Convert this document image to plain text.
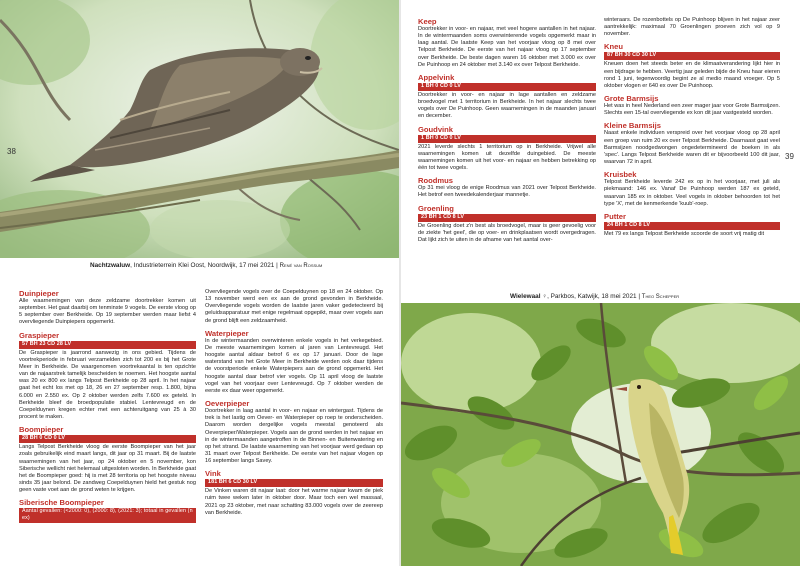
Nachtzwaluw, Industrieterrein Klei Oost, Noordwijk, 17 mei 2021 | René van Rossum
38
39
Keep
Doortrekker in voor- en najaar, met veel hogere aantallen in het najaar. In de wintermaanden soms overwinterende vogels opgemerkt maar in laag aantal. De laatste Keep van het voorjaar vloog op 8 mei over Telpost Berkheide. De eerste van het najaar vloog op 17 september over Berkheide. De beste dagen waren 16 oktober met 3.000 ex over De Puinhoop en 24 oktober met 3.140 ex over Telpost Berkheide.
Appelvink
1 BH 0 CD 0 LV
Doortrekker in voor- en najaar in lage aantallen en zeldzame broedvogel met 1 territorium in Berkheide. In het najaar slechts twee vogels over De Puinhoop. Geen waarnemingen in de maanden januari en december.
Goudvink
1 BH 0 CD 0 LV
2021 leverde slechts 1 territorium op in Berkheide. Vrijwel alle waarnemingen komen uit dezelfde duingebied. De meeste waarnemingen komen uit het voor- en najaar en hebben betrekking op één tot twee vogels.
Roodmus
Op 31 mei vloog de enige Roodmus van 2021 over Telpost Berkheide. Het betrof een tweedekalenderjaar mannetje.
Groenling
23 BH 1 CD 8 LV
De Groenling doet z'n best als broedvogel, maar is geer gevoelig voor de ziekte 'het geel', die op voer- en drinkplaatsen wordt overgedragen. Dat lijkt zich te uiten in de afname van het aantal over-
winteraars. De rozenbottels op De Puinhoop blijven in het najaar zeer aantrekkelijk: maximaal 70 Groenlingen proeven zich vol op 9 november.
Kneu
87 BH 30 CD 30 LV
Kneuen doen het steeds beter en de klimaatverandering lijkt hier in een bijdrage te hebben. Veertig jaar geleden bijde de Kneu haar eieren rond 1 juni, tegenwoordig begint ze al medio maand vroeger. Op 5 oktober vlogen er 640 ex over De Puinhoop.
Grote Barmsijs
Het was in heel Nederland een zeer mager jaar voor Grote Barmsijzen. Slechts een 15-tal overvliegende ex kon dit jaar vastgesteld worden.
Kleine Barmsijs
Naast enkele individuen verspreid over het voorjaar vloog op 28 april een groep van ruim 20 ex over Telpost Berkheide. Daarnaast gaat veel Barmsijzen noodgedwongen ongedetermineerd de boeken in als 'spec'. Langs Telpost Berkheide waren dit er bijvoorbeeld 100 dit jaar, waarvan 72 in april.
Kruisbek
Telpost Berkheide leverde 242 ex op in het voorjaar, met juli als piekmaand: 146 ex. Vanaf De Puinhoop werden 187 ex geteld, waarvan 185 ex in oktober. Veel vogels in oktober behoorden tot het type 'X', met de kenmerkende 'kuub'-roep.
Putter
24 BH 1 CD 8 LV
Met 79 ex langs Telpost Berkheide scoorde de soort vrij matig dit
Duinpieper
Alle waarnemingen van deze zeldzame doortrekker komen uit september. Het gaat daarbij om tenminste 9 vogels. De eerste vloog op 5 september over Berkheide. Op 19 september werden maar liefst 4 overvliegende Duinpiepers opgemerkt.
Graspieper
57 BH 23 CD 28 LV
De Graspieper is jaarrond aanwezig in ons gebied. Tijdens de voortrekperiode in februari verzamelden zich tot 200 ex bij het Grote Meer in Berkheide. De waargenomen voortrekaantal is ten opzichte van de najaarstrek tamelijk bescheiden te noemen. Het hoogste aantal was 20 ex 800 ex langs Telpost Berkheide op 28 april. In het najaar gaat het echt los met op 18, 26 en 27 september resp. 1.800, bijna 6.000 en 2.550 ex. Op 2 oktober werden zelfs 7.600 ex geteld. In Berkheide bleef de broedpopulatie stabiel. Lentevreugd en de Coepelduynen kregen echter met een achteruitgang van 25 à 30 procent te maken.
Boompieper
28 BH 0 CD 0 LV
Langs Telpost Berkheide vloog de eerste Boompieper van het jaar zoals gebruikelijk eind maart langs, dit jaar op 31 maart. Bij de laatste waarnemingen van het jaar, op 24 oktober en 5 november, kon Siberische wellicht niet helemaal uitgesloten worden. In Berkheide gaat het de Boompieper goed: hij is met 28 territoria op het hoogste niveau sinds 35 jaar belond. De zandweg Coepelduynen hield het gestuk nog geen vaste voet aan de grond weten te krijgen.
Siberische Boompieper
Aantal gevallen: (<2000: 0), (2000: 8), (2021: 3); totaal in gevallen (n ex)
Overvliegende vogels over de Coepelduynen op 18 en 24 oktober. Op 13 november werd een ex aan de grond gevonden in Berkheide. Overvliegende vogels worden de laatste jaren vaker gedetecteerd bij geluidsapparatuur met enige regelmaat opgepikt, maar over vogels aan de grond blijft een zeldzaamheid.
Waterpieper
In de wintermaanden overwinteren enkele vogels in het verkegebied. De meeste waarnemingen komen al jaren van Lentevreugd. Het hoogste aantal aldaar betrof 6 ex op 17 januari. Door de lage waterstand van het Grote Meer in Berkheide werden ook daar tijdens de voorstperiode enkele Waterpiepers aan de grond opgemerkt. Het hoogste aantal daar betrof vier vogels. Op 11 april vloog de laatste vogel van het voorjaar over Lentevreugd. Op 7 oktober werden de eerste ex daar weer opgemerkt.
Oeverpieper
Doortrekker in laag aantal in voor- en najaar en wintergast. Tijdens de trek is het lastig om Oever- en Waterpieper op roep te onderscheiden. Daarom worden dergelijke vogels meestal genoteerd als Oeverpieper/Waterpieper. Vogels aan de grond werden in het najaar en in de wintermaanden aangetroffen in de Binnen- en Buitenwatering en op het strand. De laatste waarneming van het voorjaar werd gedaan op 31 maart over Telpost Berkheide. De eerste van het najaar vlogen op 16 september langs Savey.
Vink
181 BH 6 CD 30 LV
De Vinken waren dit najaar laat: door het warme najaar kwam de piek ruim twee weken later in oktober door. Maar toch een wel massaal, 2021 op 23 oktober, met naar schatting 83.000 vogels over de zeereep van Berkheide.
Wielewaal ♀, Parkbos, Katwijk, 18 mei 2021 | Theo Schepper
